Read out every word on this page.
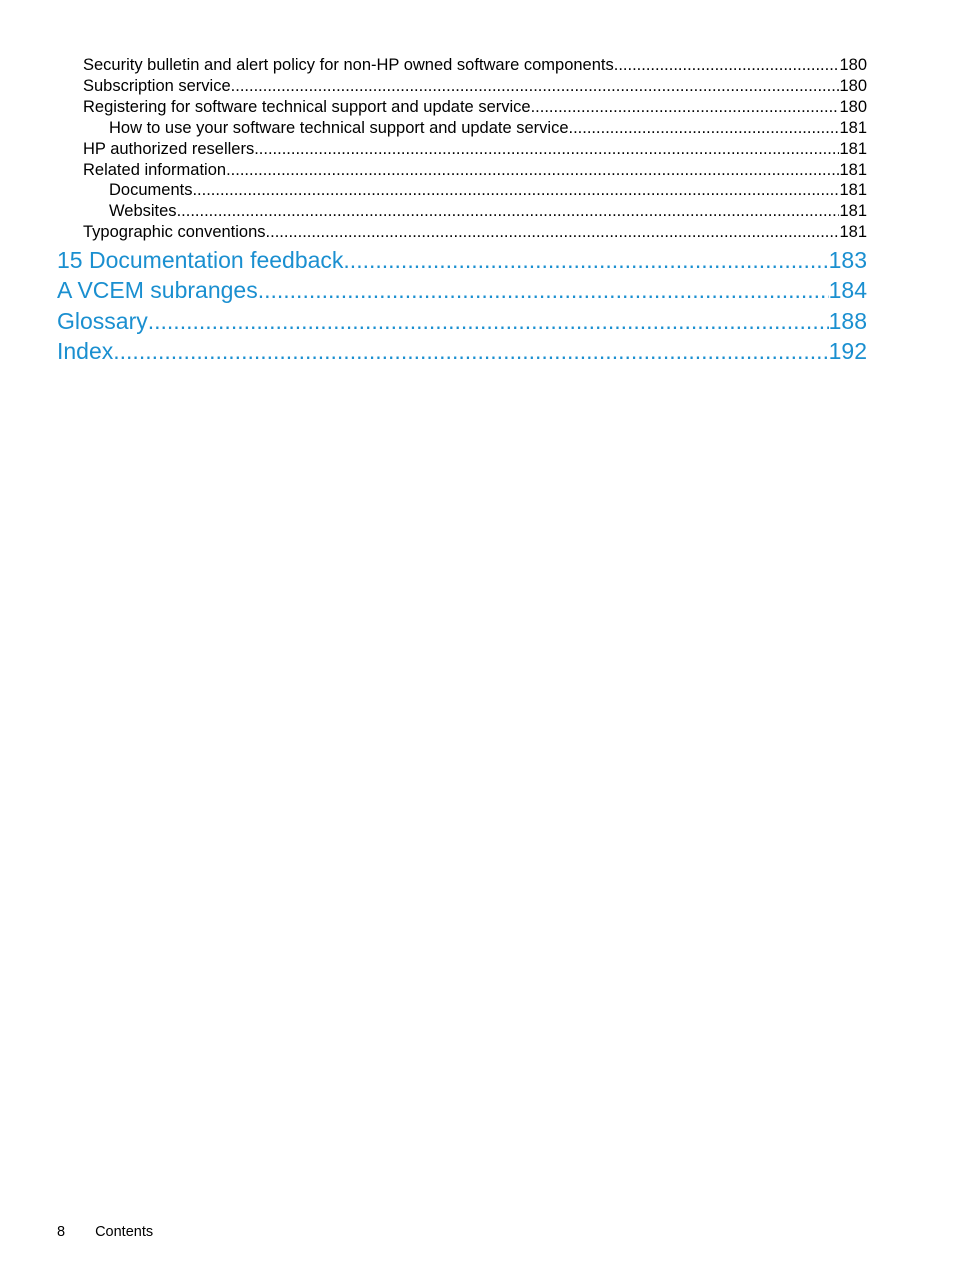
Security bulletin and alert policy for non-HP owned software components .....	180
Subscription service .....	180
Registering for software technical support and update service .....	180
How to use your software technical support and update service .....	181
HP authorized resellers .....	181
Related information .....	181
Documents .....	181
Websites .....	181
Typographic conventions .....	181
15 Documentation feedback .....	183
A VCEM subranges .....	184
Glossary .....	188
Index .....	192
8 Contents
